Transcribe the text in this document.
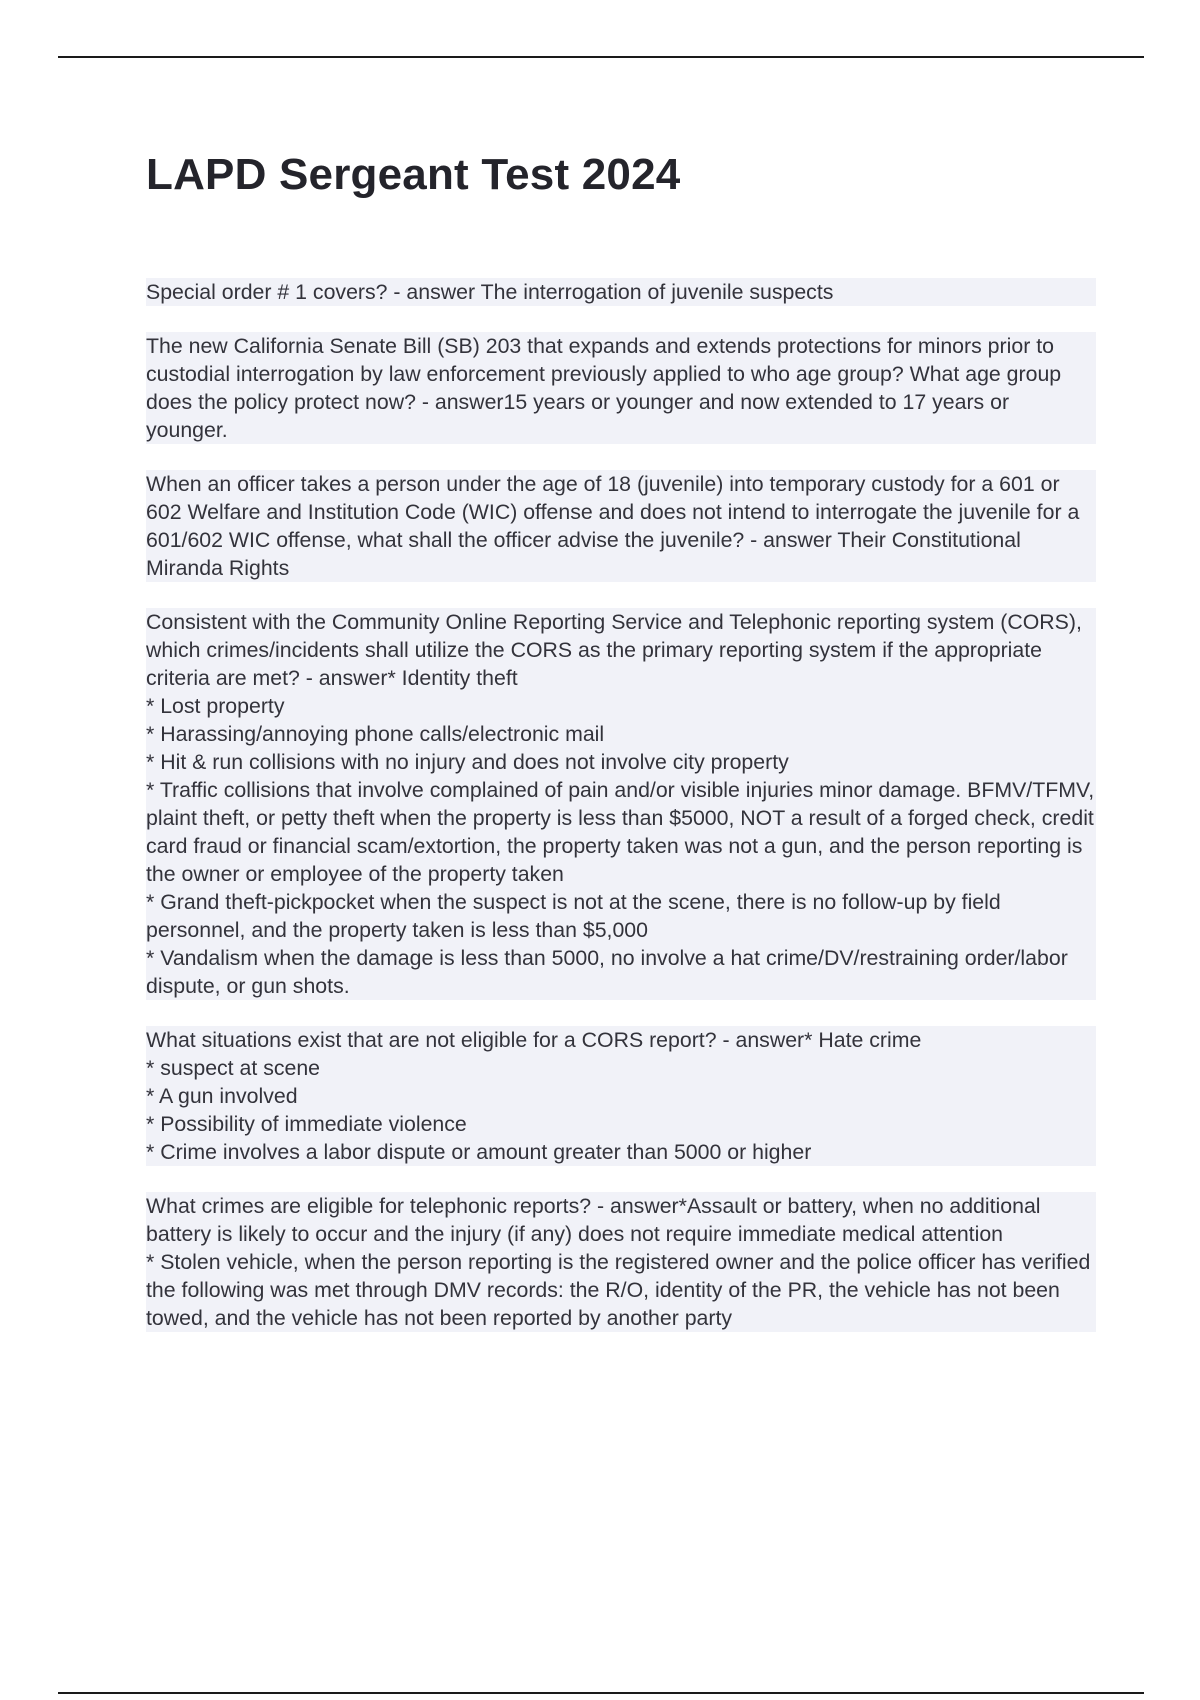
LAPD Sergeant Test 2024

Special order # 1 covers? - answer The interrogation of juvenile suspects

The new California Senate Bill (SB) 203 that expands and extends protections for minors prior to custodial interrogation by law enforcement previously applied to who age group? What age group does the policy protect now? - answer15 years or younger and now extended to 17 years or younger.

When an officer takes a person under the age of 18 (juvenile) into temporary custody for a 601 or 602 Welfare and Institution Code (WIC) offense and does not intend to interrogate the juvenile for a 601/602 WIC offense, what shall the officer advise the juvenile? - answer Their Constitutional Miranda Rights

Consistent with the Community Online Reporting Service and Telephonic reporting system (CORS), which crimes/incidents shall utilize the CORS as the primary reporting system if the appropriate criteria are met? - answer* Identity theft
* Lost property
* Harassing/annoying phone calls/electronic mail
* Hit & run collisions with no injury and does not involve city property
* Traffic collisions that involve complained of pain and/or visible injuries minor damage. BFMV/TFMV, plaint theft, or petty theft when the property is less than $5000, NOT a result of a forged check, credit card fraud or financial scam/extortion, the property taken was not a gun, and the person reporting is the owner or employee of the property taken
* Grand theft-pickpocket when the suspect is not at the scene, there is no follow-up by field personnel, and the property taken is less than $5,000
* Vandalism when the damage is less than 5000, no involve a hat crime/DV/restraining order/labor dispute, or gun shots.

What situations exist that are not eligible for a CORS report? - answer* Hate crime
* suspect at scene
* A gun involved
* Possibility of immediate violence
* Crime involves a labor dispute or amount greater than 5000 or higher

What crimes are eligible for telephonic reports? - answer*Assault or battery, when no additional battery is likely to occur and the injury (if any) does not require immediate medical attention
* Stolen vehicle, when the person reporting is the registered owner and the police officer has verified the following was met through DMV records: the R/O, identity of the PR, the vehicle has not been towed, and the vehicle has not been reported by another party
